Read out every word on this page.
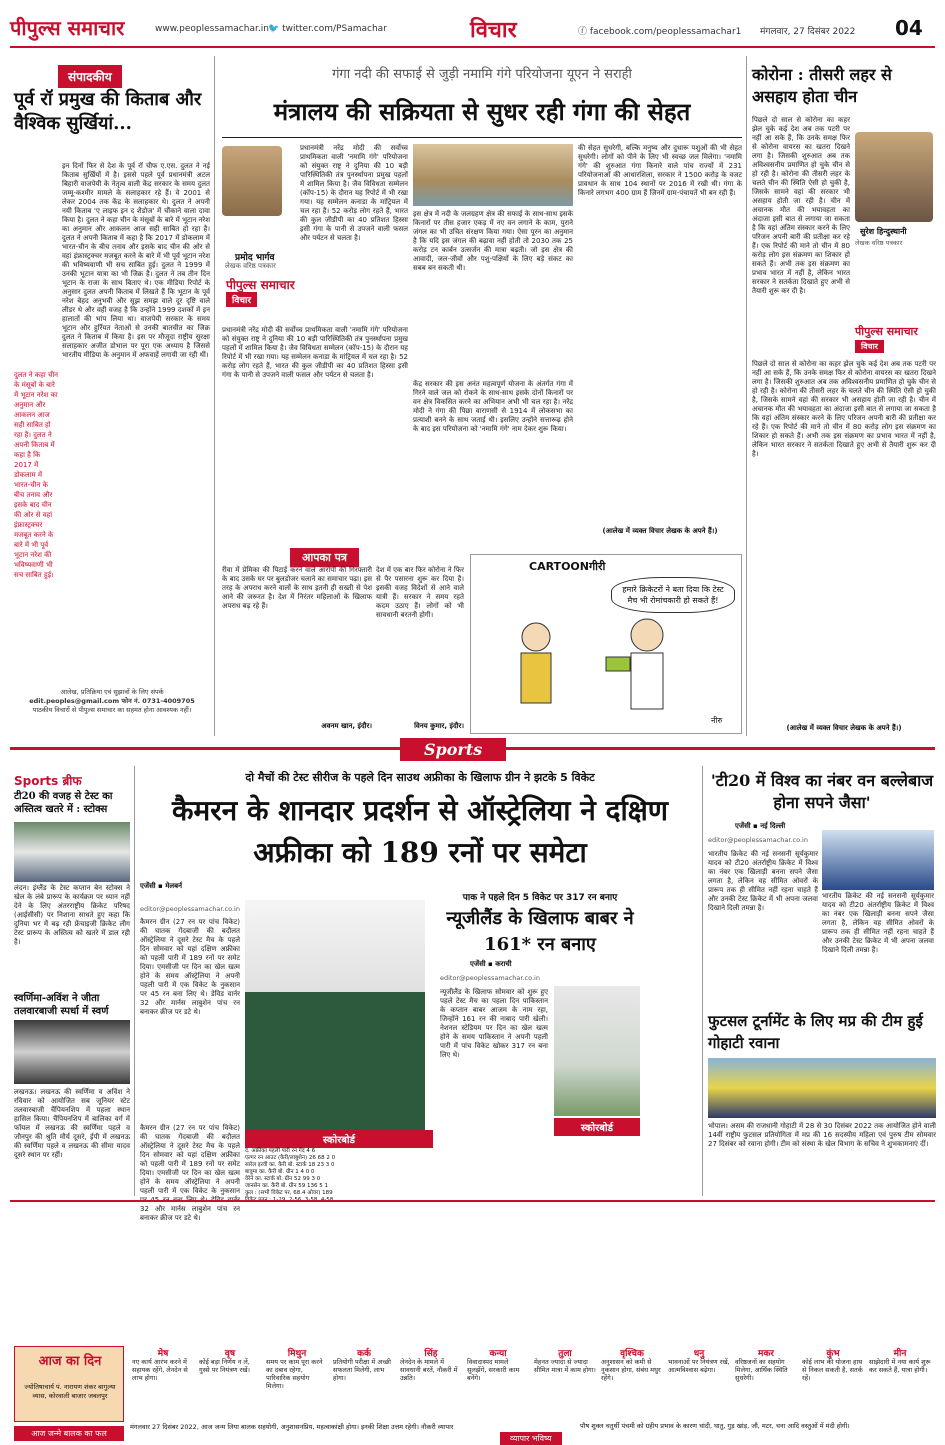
पीपुल्स समाचार	www.peoplessamachar.in 🐦 twitter.com/PSamachar	विचार	ⓕ facebook.com/peoplessamachar1 मंगलवार, 27 दिसंबर 2022 04
संपादकीय
पूर्व रॉ प्रमुख की किताब और वैश्विक सुर्खियां...
इन दिनों फिर से देश के पूर्व रॉ चीफ ए.एस. दुलत ने नई किताब सुर्खियों में है। इससे पहले पूर्व प्रधानमंत्री अटल बिहारी वाजपेयी के नेतृत्व वाली केंद्र सरकार के समय दुलत जम्मू-कश्मीर मामले के सलाहकार रहे हैं। वे 2001 से लेकर 2004 तक केंद्र के सलाहकार थे। दुलत ने अपनी नयी किताब 'ए लाइफ इन द शैडोज' में चौंकाने वाला दावा किया है। दुलत ने कहा चीन के मंसूबों के बारे में भूटान नरेश का अनुमान और आकलन आज सही साबित हो रहा है। दुलत ने अपनी किताब में कहा है कि 2017 में डोकलाम में भारत-चीन के बीच तनाव और इसके बाद चीन की ओर से वहां इंफ्रास्ट्रक्चर मजबूत करने के बारे में भी पूर्व भूटान नरेश की भविष्यवाणी भी सच साबित हुई। दुलत ने 1999 में उनकी भूटान यात्रा का भी जिक्र है। दुलत ने तब तीन दिन भूटान के राजा के साथ बिताए थे। एक मीडिया रिपोर्ट के अनुसार दुलत अपनी किताब में लिखते हैं कि भूटान के पूर्व नरेश बेहद अनुभवी और सूझ समझ वाले दूर दृष्टि वाले लीडर थे और वही वजह है कि उन्होंने 1999 दशकों में इन हालातों की भांप लिया था। वाजपेयी सरकार के समय भूटान और हुर्रियत नेताओं से उनकी बातचीत का जिक्र दुलत ने किताब में किया है। इस पर मौजूदा राष्ट्रीय सुरक्षा सलाहकार अजीत डोभाल पर पूरा एक अध्याय है जिससे भारतीय मीडिया के अनुमान में अफवाहें लगायी जा रही थीं।
दुलत ने कहा चीन के मंसूबों के बारे में भूटान नरेश का अनुमान और आकलन आज सही साबित हो रहा है। दुलत ने अपनी किताब में कहा है कि 2017 में डोकलाम में भारत-चीन के बीच तनाव और इसके बाद चीन की ओर से वहां इंफ्रास्ट्रक्चर मजबूत करने के बारे में भी पूर्व भूटान नरेश की भविष्यवाणी भी सच साबित हुई।
आलेख, प्रतिक्रिया एवं सुझावों के लिए संपर्क
edit.peoples@gmail.com फोन नं. 0731-4009705
पाठकीय विचारों से पीपुल्स समाचार का सहमत होना आवश्यक नहीं।
गंगा नदी की सफाई से जुड़ी नमामि गंगे परियोजना यूएन ने सराही
मंत्रालय की सक्रियता से सुधर रही गंगा की सेहत
प्रमोद भार्गव
लेखक वरिष्ठ पत्रकार
पीपुल्स समाचार
विचार
प्रधानमंत्री नरेंद्र मोदी की सर्वोच्च प्राथमिकता वाली 'नमामि गंगे' परियोजना को संयुक्त राष्ट्र ने दुनिया की 10 बड़ी पारिस्थितिकी तंत्र पुनर्स्थापना प्रमुख पहलों में शामिल किया है। जैव विविधता सम्मेलन (कॉप-15) के दौरान यह रिपोर्ट में भी रखा गया। यह सम्मेलन कनाडा के मांट्रियल में चल रहा है। 52 करोड़ लोग रहते हैं, भारत की कुल जीडीपी का 40 प्रतिशत हिस्सा इसी गंगा के पानी से उपजने वाली फसल और पर्यटन से चलता है।
प्रधानमंत्री नरेंद्र मोदी की सर्वोच्च प्राथमिकता वाली 'नमामि गंगे' परियोजना को संयुक्त राष्ट्र ने दुनिया की 10 बड़ी पारिस्थितिकी तंत्र पुनर्स्थापना प्रमुख पहलों में शामिल किया है। जैव विविधता सम्मेलन (कॉप-15) के दौरान यह रिपोर्ट में भी रखा गया। यह सम्मेलन कनाडा के मांट्रियल में चल रहा है। 52 करोड़ लोग रहते हैं, भारत की कुल जीडीपी का 40 प्रतिशत हिस्सा इसी गंगा के पानी से उपजने वाली फसल और पर्यटन से चलता है।
इस क्षेत्र में नदी के जलग्रहण क्षेत्र की सफाई के साथ-साथ इसके किनारों पर तीस हजार एकड़ में नए वन लगाने के काम, पुराने जंगल का भी उचित संरक्षण किया गया। ऐसा पूरन का अनुमान है कि यदि इस जंगल की बढ़ावा नहीं होती तो 2030 तक 25 करोड़ टन कार्बन उत्सर्जन की मात्रा बढ़ती। जो इस क्षेत्र की आवादी, जल-जीवों और पशु-पक्षियों के लिए बड़े संकट का सबब बन सकती थी।
केंद्र सरकार की इस अनंत महत्वपूर्ण योजना के अंतर्गत गंगा में गिरने वाले जल को रोकने के साथ-साथ इसके दोनों किनारों पर वन क्षेत्र विकसित करने का अभियान अभी भी चल रहा है। नरेंद्र मोदी ने गंगा की पिछा वाराणसी से 1914 में लोकसभा का प्रत्याशी बनने के साथ जताई थी। इसलिए उन्होंने सत्तारूढ़ होने के बाद इस परियोजना को 'नमामि गंगे' नाम देकर शुरू किया।
की सेहत सुधरेगी, बल्कि मनुष्य और दुधारू पशुओं की भी सेहत सुधरेगी। लोगों को पीने के लिए भी स्वच्छ जल मिलेगा। 'नमामि गंगे' की शुरुआत गंगा किनारे वाले पांच राज्यों में 231 परियोजनाओं की आधारशिला, सरकार ने 1500 करोड़ के वजट प्रावधान के साथ 104 स्थानों पर 2016 में रखी थी। गंगा के किनारे लगभग 400 ग्राम हैं जिनमें ग्राम-पंचायतें भी बन रही हैं।
(आलेख में व्यक्त विचार लेखक के अपने हैं।)
कोरोना : तीसरी लहर से असहाय होता चीन
पिछले दो साल से कोरोना का कहर झेल चुके कई देश अब तक पटरी पर नहीं आ सके हैं, कि उनके समक्ष फिर से कोरोना वायरस का खतरा दिखने लगा है। जिसकी शुरुआत अब तक अविश्वसनीय प्रमाणित हो चुके चीन से हो रही है। कोरोना की तीसरी लहर के चलते चीन की स्थिति ऐसी हो चुकी है, जिसके सामने वहां की सरकार भी असहाय होती जा रही है। चीन में अचानक मौत की भयावहता का अंदाजा इसी बात से लगाया जा सकता है कि वहां अंतिम संस्कार करने के लिए परिजन अपनी बारी की प्रतीक्षा कर रहे हैं। एक रिपोर्ट की माने तो चीन में 80 करोड़ लोग इस संक्रमण का शिकार हो सकते हैं। अभी तक इस संक्रमण का प्रभाव भारत में नहीं है, लेकिन भारत सरकार ने सतर्कता दिखाते हुए अभी से तैयारी शुरू कर दी है।
सुरेश हिन्दुस्थानी
लेखक वरिष्ठ पत्रकार
पीपुल्स समाचार
विचार
पिछले दो साल से कोरोना का कहर झेल चुके कई देश अब तक पटरी पर नहीं आ सके हैं, कि उनके समक्ष फिर से कोरोना वायरस का खतरा दिखने लगा है। जिसकी शुरुआत अब तक अविश्वसनीय प्रमाणित हो चुके चीन से हो रही है। कोरोना की तीसरी लहर के चलते चीन की स्थिति ऐसी हो चुकी है, जिसके सामने वहां की सरकार भी असहाय होती जा रही है। चीन में अचानक मौत की भयावहता का अंदाजा इसी बात से लगाया जा सकता है कि वहां अंतिम संस्कार करने के लिए परिजन अपनी बारी की प्रतीक्षा कर रहे हैं। एक रिपोर्ट की माने तो चीन में 80 करोड़ लोग इस संक्रमण का शिकार हो सकते हैं। अभी तक इस संक्रमण का प्रभाव भारत में नहीं है, लेकिन भारत सरकार ने सतर्कता दिखाते हुए अभी से तैयारी शुरू कर दी है।
(आलेख में व्यक्त विचार लेखक के अपने हैं।)
आपका पत्र
रीवा में प्रेमिका की पिटाई करने वाले आरोपी की गिरफ्तारी के बाद उसके घर पर बुलडोजर चलाने का समाचार पढ़ा। इस तरह के अपराध करने वालों के साथ इतनी ही सख्ती से पेश आने की जरूरत है। देश में निरंतर महिलाओं के खिलाफ अपराध बढ़ रहे हैं।
अवनम खान, इंदौर।
देश में एक बार फिर कोरोना ने फिर से पैर पसारना शुरू कर दिया है। इसकी वजह विदेशों से आने वाले यात्री हैं। सरकार ने समय रहते कदम उठाए हैं। लोगों को भी सावधानी बरतनी होगी।
विनय कुमार, इंदौर।
CARTOONगीरी
हमारे क्रिकेटरों ने बता दिया कि टेस्ट मैच भी रोमांचकारी हो सकते हैं!
नीरु
Sports
Sports ब्रीफ
टी20 की वजह से टेस्ट का अस्तित्व खतरे में : स्टोक्स
लंदन। इंग्लैंड के टेस्ट कप्तान बेन स्टोक्स ने खेल के लंबे प्रारूप के कार्यक्रम पर ध्यान नहीं देने के लिए अंतरराष्ट्रीय क्रिकेट परिषद (आईसीसी) पर निशाना साधते हुए कहा कि दुनिया भर में बढ़ रही फ्रेंचाइजी क्रिकेट लीग टेस्ट प्रारूप के अस्तित्व को खतरे में डाल रही है।
स्वर्णिमा-अविंश ने जीता तलवारबाजी स्पर्धा में स्वर्ण
लखनऊ। लखनऊ की स्वर्णिमा व अविंश ने रविवार को आयोजित सब जूनियर स्टेट तलवारबाजी चैंपियनशिप में पहला स्थान हासिल किया। चैंपियनशिप में बालिका वर्ग में फॉयल में लखनऊ की स्वर्णिमा पहले व जौनपुर की श्रुति मौर्य दूसरे, ईपी में लखनऊ की स्वर्णिमा पहले व लखनऊ की सीमा यादव दूसरे स्थान पर रहीं।
दो मैचों की टेस्ट सीरीज के पहले दिन साउथ अफ्रीका के खिलाफ ग्रीन ने झटके 5 विकेट
कैमरन के शानदार प्रदर्शन से ऑस्ट्रेलिया ने दक्षिण अफ्रीका को 189 रनों पर समेटा
एजेंसी ▪ मेलबर्न
editor@peoplessamachar.co.in
कैमरन ग्रीन (27 रन पर पांच विकेट) की घातक गेंदबाजी की बदौलत ऑस्ट्रेलिया ने दूसरे टेस्ट मैच के पहले दिन सोमवार को यहां दक्षिण अफ्रीका को पहली पारी में 189 रनों पर समेट दिया। एमसीजी पर दिन का खेल खत्म होने के समय ऑस्ट्रेलिया ने अपनी पहली पारी में एक विकेट के नुकसान पर 45 रन बना लिए थे। डेविड वार्नर 32 और मार्नस लाबुशेन पांच रन बनाकर क्रीज पर डटे थे।
कैमरन ग्रीन (27 रन पर पांच विकेट) की घातक गेंदबाजी की बदौलत ऑस्ट्रेलिया ने दूसरे टेस्ट मैच के पहले दिन सोमवार को यहां दक्षिण अफ्रीका को पहली पारी में 189 रनों पर समेट दिया। एमसीजी पर दिन का खेल खत्म होने के समय ऑस्ट्रेलिया ने अपनी पहली पारी में एक विकेट के नुकसान 32 और मार्नस लाबुशेन पांच रन बनाकर क्रीज पर डटे थे।
स्कोरबोर्ड
द. अफ्रीका पहली पारी रन गेंद 4 6
एल्गर रन आउट (कैरी/लाबुशेन) 26 68 2 0
सारेल इरवी का. कैरी बो. स्टार्क 18 23 3 0
बावुमा का. कैरी बो. ग्रीन 1 4 0 0
वेरेने का. स्टार्क बो. ग्रीन 52 99 3 0
जानसेन का. कैरी बो. ग्रीन 59 136 5 1
कुल : (सभी विकेट पर, 68.4 ओवर) 189
पाक ने पहले दिन 5 विकेट पर 317 रन बनाए
न्यूजीलैंड के खिलाफ बाबर ने 161* रन बनाए
एजेंसी ▪ कराची
editor@peoplessamachar.co.in
न्यूजीलैंड के खिलाफ सोमवार को शुरू हुए पहले टेस्ट मैच का पहला दिन पाकिस्तान के कप्तान बाबर आजम के नाम रहा, जिन्होंने 161 रन की नाबाद पारी खेली। नेशनल स्टेडियम पर दिन का खेल खत्म होने के समय पाकिस्तान ने अपनी पहली पारी में पांच विकेट खोकर 317 रन बना लिए थे।
स्कोरबोर्ड
'टी20 में विश्व का नंबर वन बल्लेबाज होना सपने जैसा'
एजेंसी ▪ नई दिल्ली
editor@peoplessamachar.co.in
भारतीय क्रिकेट की नई सनसनी सूर्यकुमार यादव को टी20 अंतर्राष्ट्रीय क्रिकेट में विश्व का नंबर एक खिलाड़ी बनना सपने जैसा लगता है, लेकिन वह सीमित ओवरों के प्रारूप तक ही सीमित नहीं रहना चाहते हैं और उनकी टेस्ट क्रिकेट में भी अपना जलवा दिखाने दिली तमन्ना है।
भारतीय क्रिकेट की नई सनसनी सूर्यकुमार यादव को टी20 अंतर्राष्ट्रीय क्रिकेट में विश्व का नंबर एक खिलाड़ी बनना सपने जैसा लगता है, लेकिन वह सीमित ओवरों के प्रारूप तक ही सीमित नहीं रहना चाहते हैं और उनकी टेस्ट क्रिकेट में भी अपना जलवा दिखाने दिली तमन्ना है।
फुटसल टूर्नामेंट के लिए मप्र की टीम हुई गोहाटी रवाना
भोपाल। असम की राजधानी गोहाटी में 28 से 30 दिसंबर 2022 तक आयोजित होने वाली 14वीं राष्ट्रीय फुटसल प्रतियोगिता में मप्र की 16 सदस्यीय महिला एवं पुरुष टीम सोमवार 27 दिसंबर को रवाना होगी। टीम को संस्था के खेल विभाग के सचिव ने शुभकामनाएं दीं।
आज का दिन
ज्योतिषाचार्य पं. नारायण शंकर बागुल्या व्यास, कोरवाली बाजार जबलपुर
मेष
नए कार्य आरंभ करने में सहायक रहेंगे, लेनदेन से लाभ होगा।
वृष
कोई बड़ा निर्णय न लें, गुस्से पर नियंत्रण रखें।
मिथुन
समय पर काम पूरा करने का दबाव रहेगा, पारिवारिक सहयोग मिलेगा।
कर्क
प्रतियोगी परीक्षा में अच्छी सफलता मिलेगी, लाभ होगा।
सिंह
लेनदेन के मामले में सावधानी बरतें, नौकरी में उन्नति।
कन्या
विवादास्पद मामले सुलझेंगे, सरकारी काम बनेंगे।
तुला
मेहनत ज्यादा से ज्यादा सीमित मात्रा में काम होगा।
वृश्चिक
अनुशासन को कमी से नुकसान होगा, संबंध मधुर रहेंगे।
धनु
भावनाओं पर नियंत्रण रखें, आत्मविश्वास बढ़ेगा।
मकर
वरिष्ठजनों का सहयोग मिलेगा, आर्थिक स्थिति सुधरेगी।
कुंभ
कोई लाभ की योजना हाथ से निकल सकती है, सतर्क रहें।
मीन
साझेदारी में नया कार्य शुरू कर सकते हैं, यात्रा होगी।
मंगलवार 27 दिसंबर 2022, आज जन्म लिया बालक सहयोगी, अनुशासनप्रिय, महत्वाकांक्षी होगा। इनकी शिक्षा उत्तम रहेगी। नौकरी व्यापार
आज जन्मे बालक का फल
व्यापार भविष्य
पौष शुक्ल चतुर्थी पंचमी को ग्रहीय प्रभाव के कारण चांदी, घातु, गुड़ खांड़, जौ, मटर, चना आदि वस्तुओं में मंदी होगी।
